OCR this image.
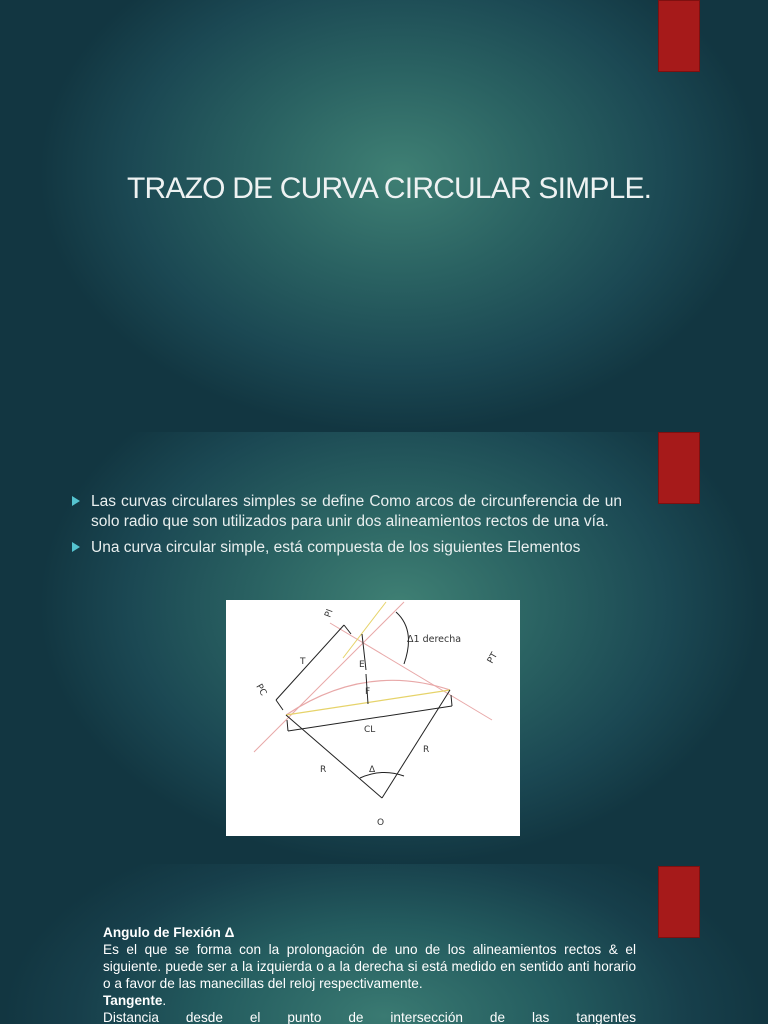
TRAZO DE CURVA CIRCULAR SIMPLE.
Las curvas circulares simples se define Como arcos de circunferencia de un solo radio que son utilizados para unir dos alineamientos rectos de una vía.
Una curva circular simple, está compuesta de los siguientes Elementos
PI
Δ1 derecha
PT
PC
T	E
F
CL
R
R
Δ
O
Angulo de Flexión Δ
Es el que se forma con la prolongación de uno de los alineamientos rectos & el siguiente. puede ser a la izquierda o a la derecha si está medido en sentido anti horario o a favor de las manecillas del reloj respectivamente.
Tangente.
Distancia desde el punto de intersección de las tangentes
